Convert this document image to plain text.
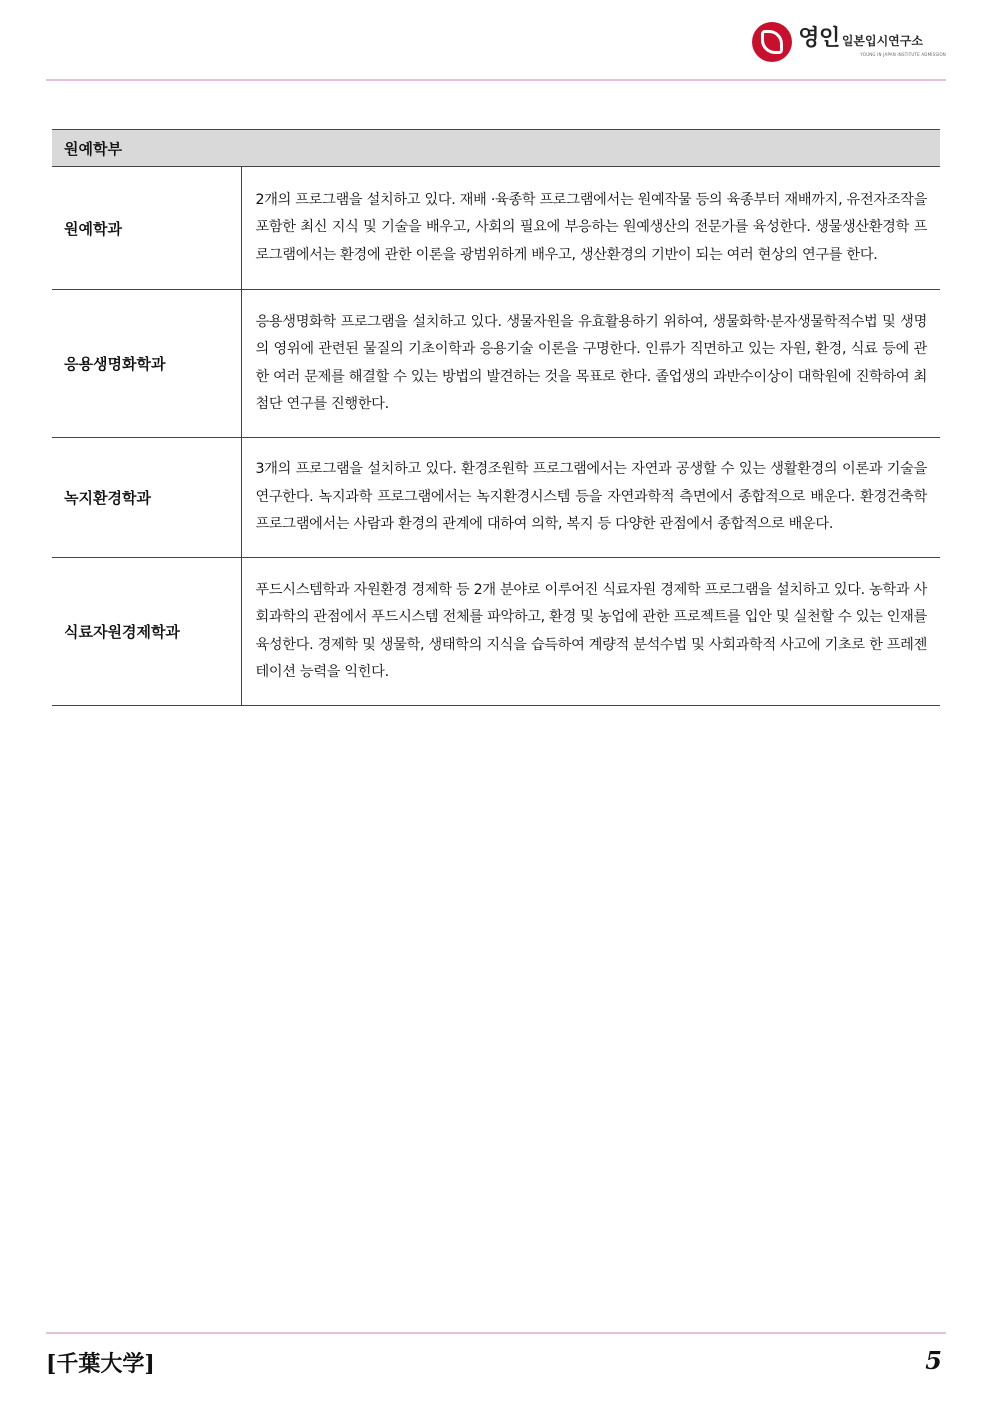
영인 일본입시연구소
YOUNG IN JAPAN INSTITUTE ADMISSION
원예학부	
원예학과	2개의 프로그램을 설치하고 있다. 재배 ·육종학 프로그램에서는 원예작물 등의 육종부터 재배까지, 유전자조작을 포함한 최신 지식 및 기술을 배우고, 사회의 필요에 부응하는 원예생산의 전문가를 육성한다. 생물생산환경학 프로그램에서는 환경에 관한 이론을 광범위하게 배우고, 생산환경의 기반이 되는 여러 현상의 연구를 한다.
응용생명화학과	응용생명화학 프로그램을 설치하고 있다. 생물자원을 유효활용하기 위하여, 생물화학·분자생물학적수법 및 생명의 영위에 관련된 물질의 기초이학과 응용기술 이론을 구명한다. 인류가 직면하고 있는 자원, 환경, 식료 등에 관한 여러 문제를 해결할 수 있는 방법의 발견하는 것을 목표로 한다. 졸업생의 과반수이상이 대학원에 진학하여 최첨단 연구를 진행한다.
녹지환경학과	3개의 프로그램을 설치하고 있다. 환경조원학 프로그램에서는 자연과 공생할 수 있는 생활환경의 이론과 기술을 연구한다. 녹지과학 프로그램에서는 녹지환경시스템 등을 자연과학적 측면에서 종합적으로 배운다. 환경건축학 프로그램에서는 사람과 환경의 관계에 대하여 의학, 복지 등 다양한 관점에서 종합적으로 배운다.
식료자원경제학과	푸드시스템학과 자원환경 경제학 등 2개 분야로 이루어진 식료자원 경제학 프로그램을 설치하고 있다. 농학과 사회과학의 관점에서 푸드시스템 전체를 파악하고, 환경 및 농업에 관한 프로젝트를 입안 및 실천할 수 있는 인재를 육성한다. 경제학 및 생물학, 생태학의 지식을 습득하여 계량적 분석수법 및 사회과학적 사고에 기초로 한 프레젠테이션 능력을 익힌다.
[千葉大学]	5
